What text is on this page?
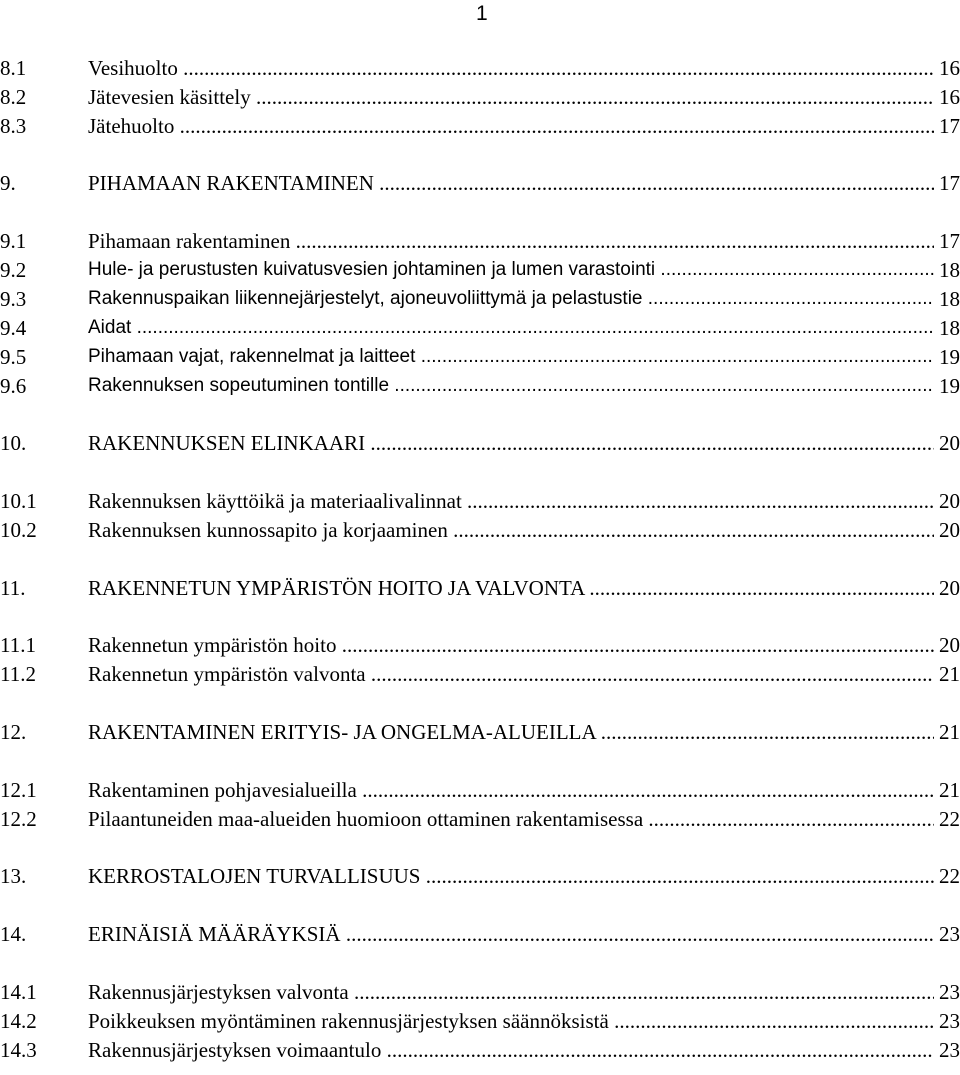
1
8.1	Vesihuolto .....	16
8.2	Jätevesien käsittely .....	16
8.3	Jätehuolto .....	17
9.	PIHAMAAN RAKENTAMINEN .....	17
9.1	Pihamaan rakentaminen .....	17
9.2	Hule- ja perustusten kuivatusvesien johtaminen ja lumen varastointi .....	18
9.3	Rakennuspaikan liikennejärjestelyt, ajoneuvoliittymä ja pelastustie .....	18
9.4	Aidat .....	18
9.5	Pihamaan vajat, rakennelmat ja laitteet .....	19
9.6	Rakennuksen sopeutuminen tontille .....	19
10.	RAKENNUKSEN ELINKAARI .....	20
10.1 Rakennuksen käyttöikä ja materiaalivalinnat .....	20
10.2 Rakennuksen kunnossapito ja korjaaminen .....	20
11.	RAKENNETUN YMPÄRISTÖN HOITO JA VALVONTA .....	20
11.1 Rakennetun ympäristön hoito .....	20
11.2 Rakennetun ympäristön valvonta .....	21
12.	RAKENTAMINEN ERITYIS- JA ONGELMA-ALUEILLA .....	21
12.1 Rakentaminen pohjavesialueilla .....	21
12.2 Pilaantuneiden maa-alueiden huomioon ottaminen rakentamisessa .....	22
13.	KERROSTALOJEN TURVALLISUUS .....	22
14.	ERINÄISIÄ MÄÄRÄYKSIÄ .....	23
14.1 Rakennusjärjestyksen valvonta .....	23
14.2 Poikkeuksen myöntäminen rakennusjärjestyksen säännöksistä .....	23
14.3 Rakennusjärjestyksen voimaantulo .....	23
